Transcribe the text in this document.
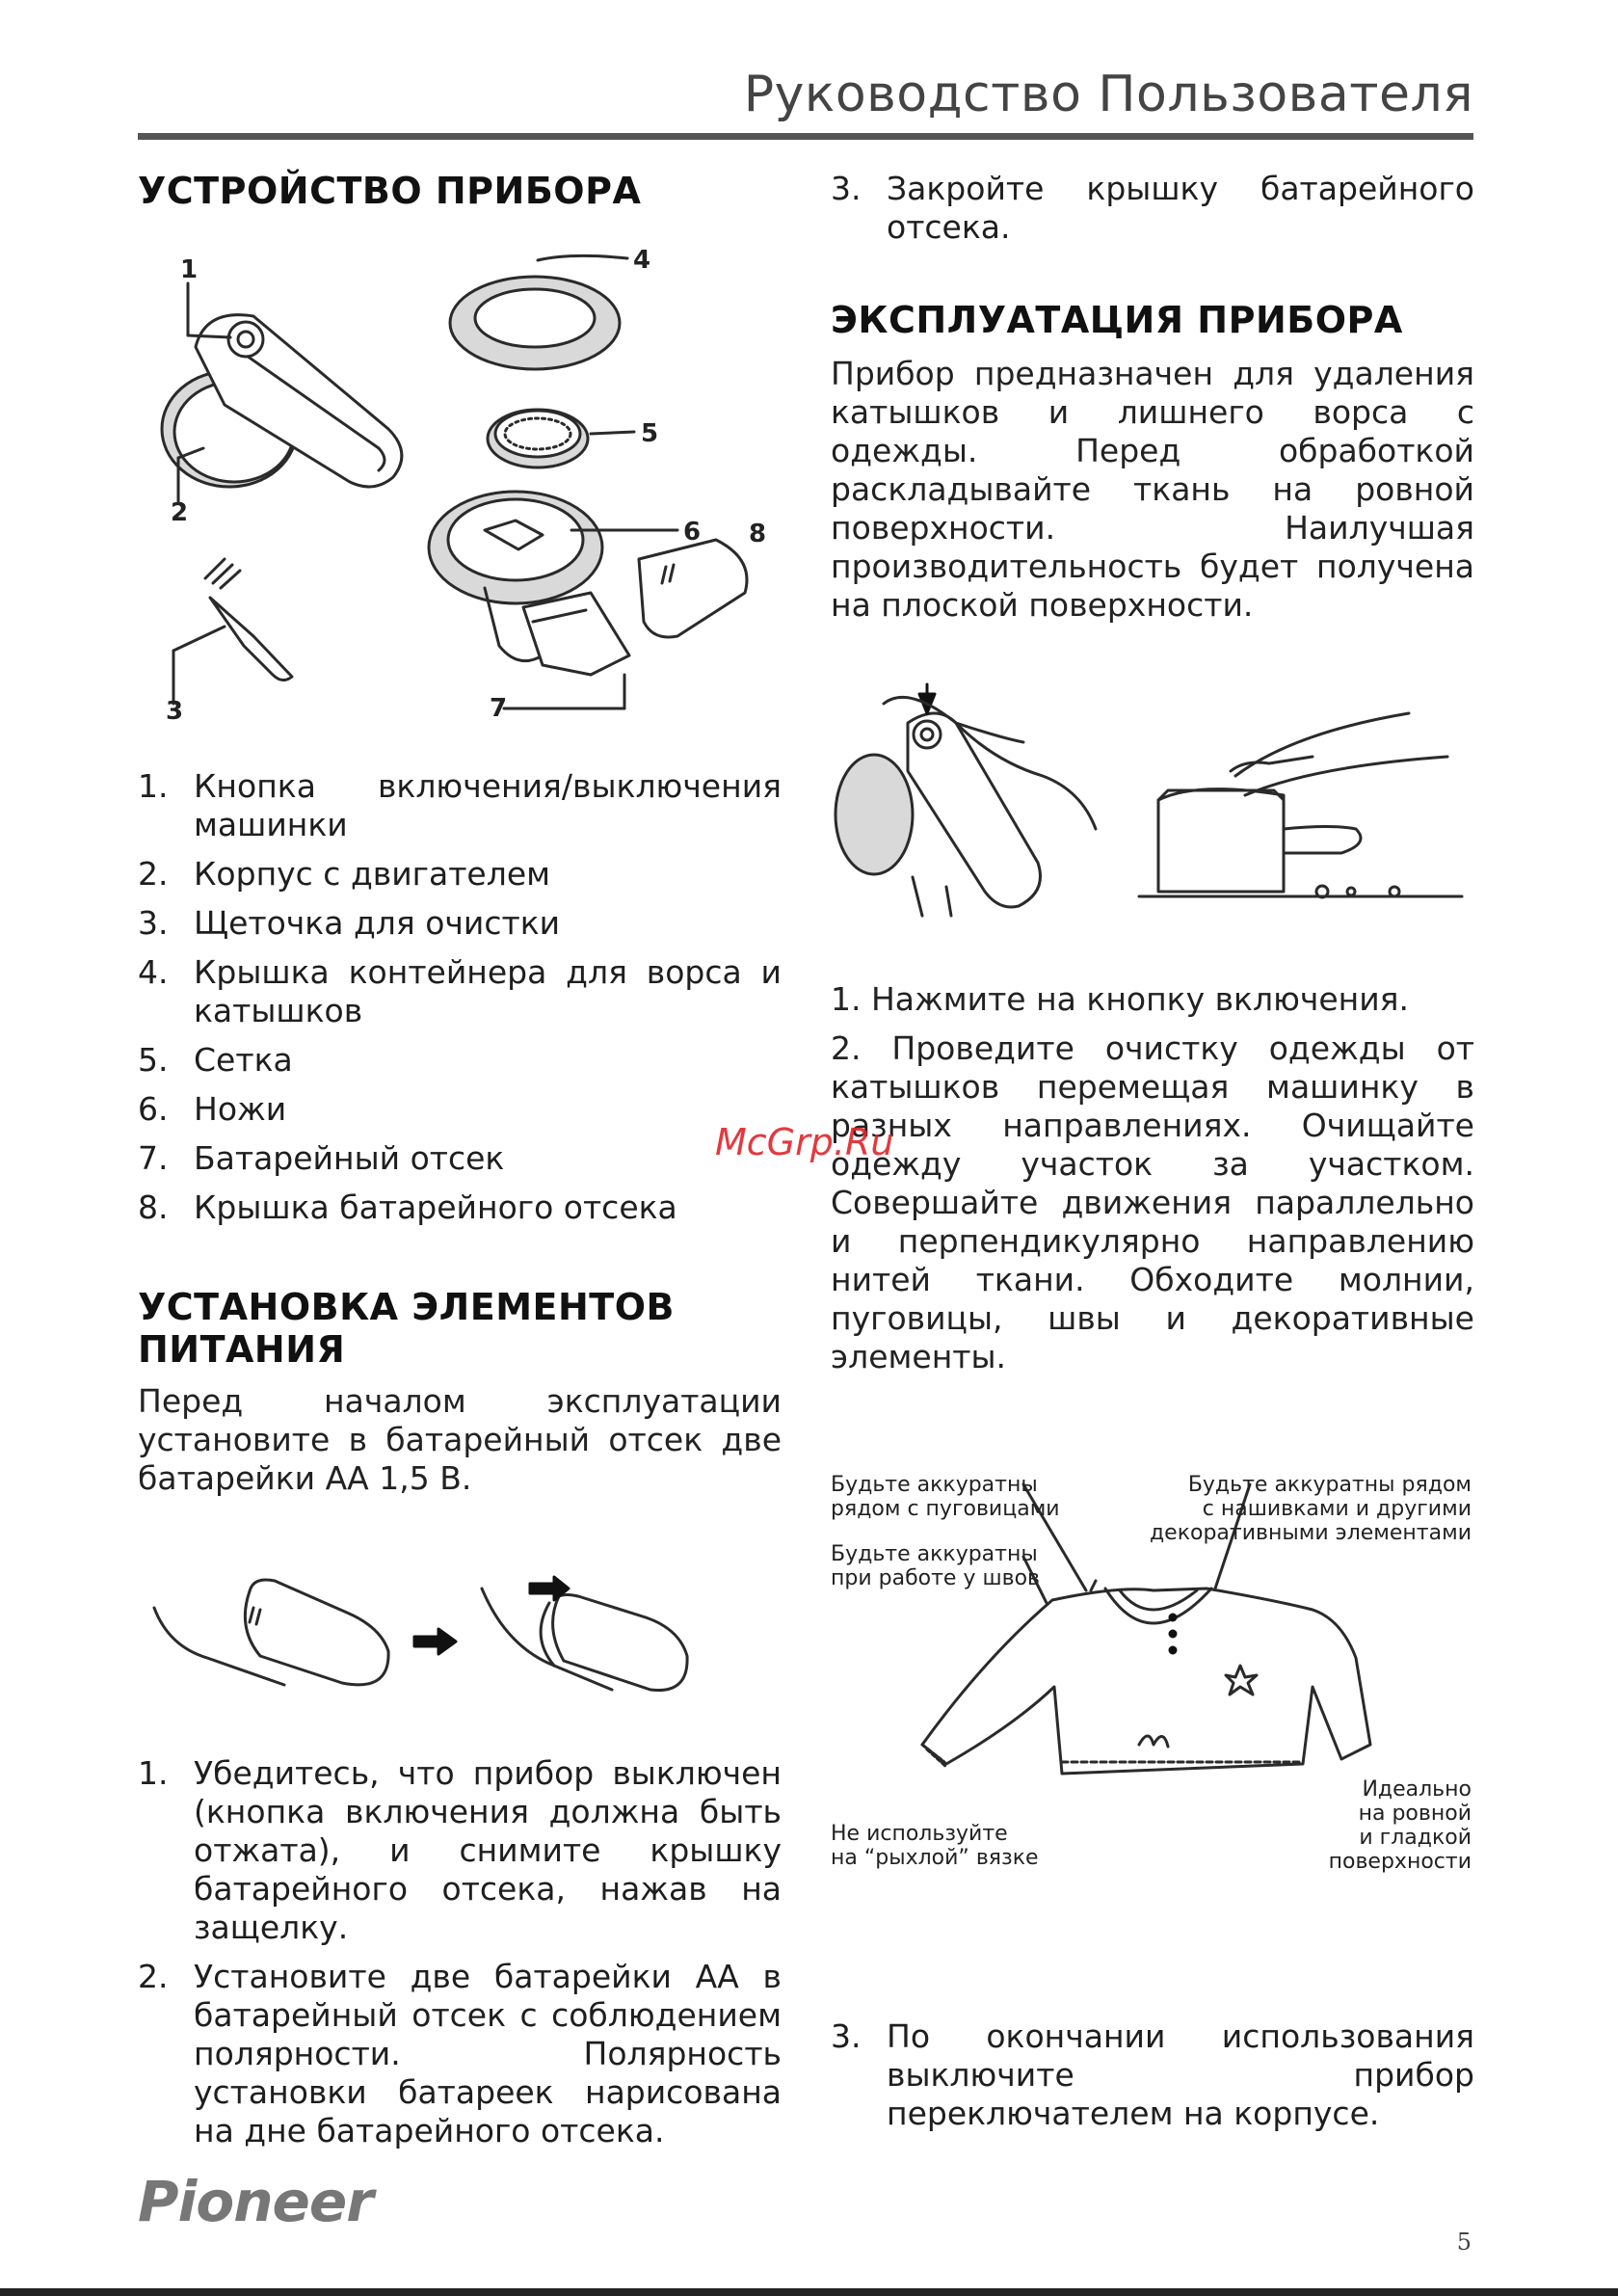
Руководство Пользователя
УСТРОЙСТВО ПРИБОРА
1
2
3
4
5
6
7
8
1. Кнопка включения/выключения машинки
2. Корпус с двигателем
3. Щеточка для очистки
4. Крышка контейнера для ворса и катышков
5. Сетка
6. Ножи
7. Батарейный отсек
8. Крышка батарейного отсека
УСТАНОВКА ЭЛЕМЕНТОВ
ПИТАНИЯ

Перед началом эксплуатации установите в батарейный отсек две батарейки АА 1,5 В.

1. Убедитесь, что прибор выключен (кнопка включения должна быть отжата), и снимите крышку батарейного отсека, нажав на защелку.
2. Установите две батарейки АА в батарейный отсек с соблюдением полярности. Полярность установки батареек нарисована на дне батарейного отсека.
3. Закройте крышку батарейного отсека.
ЭКСПЛУАТАЦИЯ ПРИБОРА

Прибор предназначен для удаления катышков и лишнего ворса с одежды. Перед обработкой раскладывайте ткань на ровной поверхности. Наилучшая производительность будет получена на плоской поверхности.

1. Нажмите на кнопку включения.

2. Проведите очистку одежды от катышков перемещая машинку в разных направлениях. Очищайте одежду участок за участком. Совершайте движения параллельно и перпендикулярно направлению нитей ткани. Обходите молнии, пуговицы, швы и декоративные элементы.

Будьте аккуратны
рядом с пуговицами
Будьте аккуратны рядом
с нашивками и другими
декоративными элементами
Будьте аккуратны
при работе у швов
Не используйте
на “рыхлой” вязке
Идеально
на ровной
и гладкой
поверхности
3. По окончании использования выключите прибор переключателем на корпусе.
McGrp.Ru
Pioneer
5
